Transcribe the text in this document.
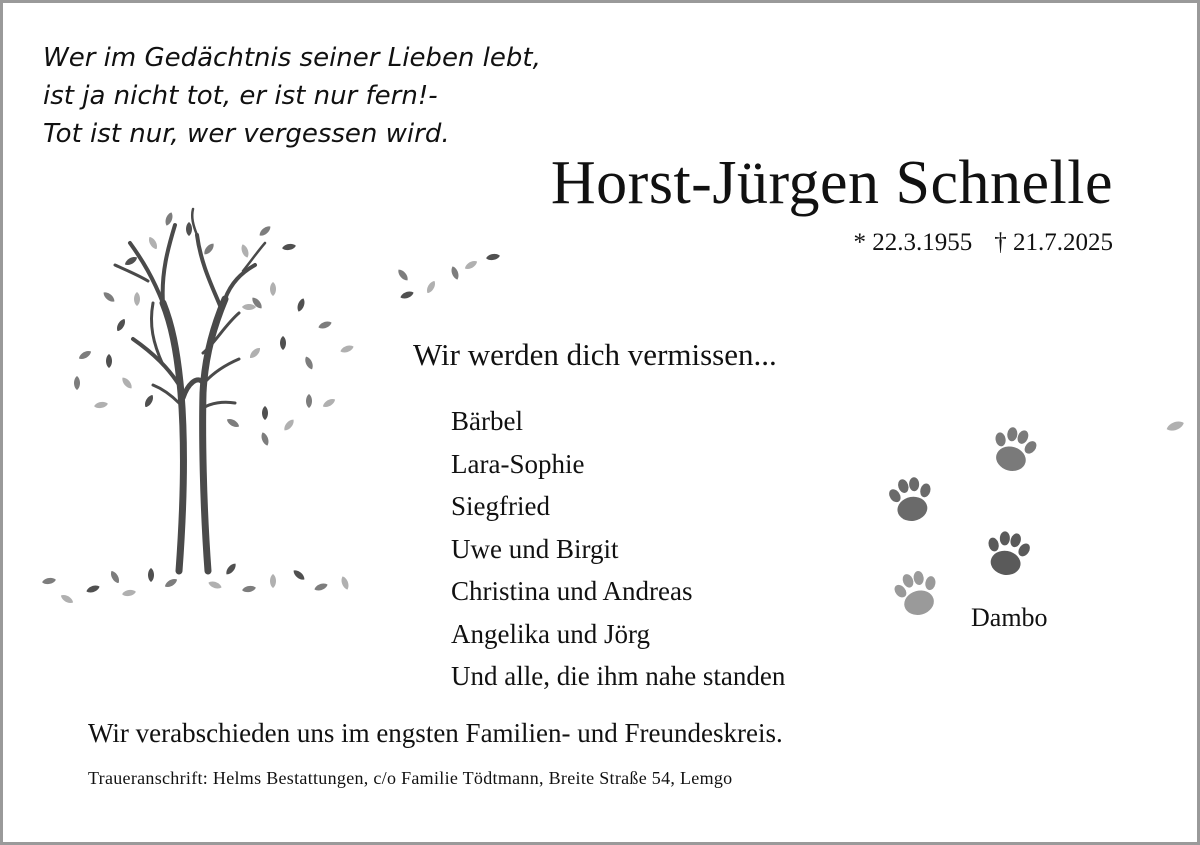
Wer im Gedächtnis seiner Lieben lebt,
ist ja nicht tot, er ist nur fern!-
Tot ist nur, wer vergessen wird.
Horst-Jürgen Schnelle
* 22.3.1955 † 21.7.2025
Wir werden dich vermissen...
Bärbel
Lara-Sophie
Siegfried
Uwe und Birgit
Christina und Andreas
Angelika und Jörg
Und alle, die ihm nahe standen
Dambo
Wir verabschieden uns im engsten Familien- und Freundeskreis.
Traueranschrift: Helms Bestattungen, c/o Familie Tödtmann, Breite Straße 54, Lemgo
